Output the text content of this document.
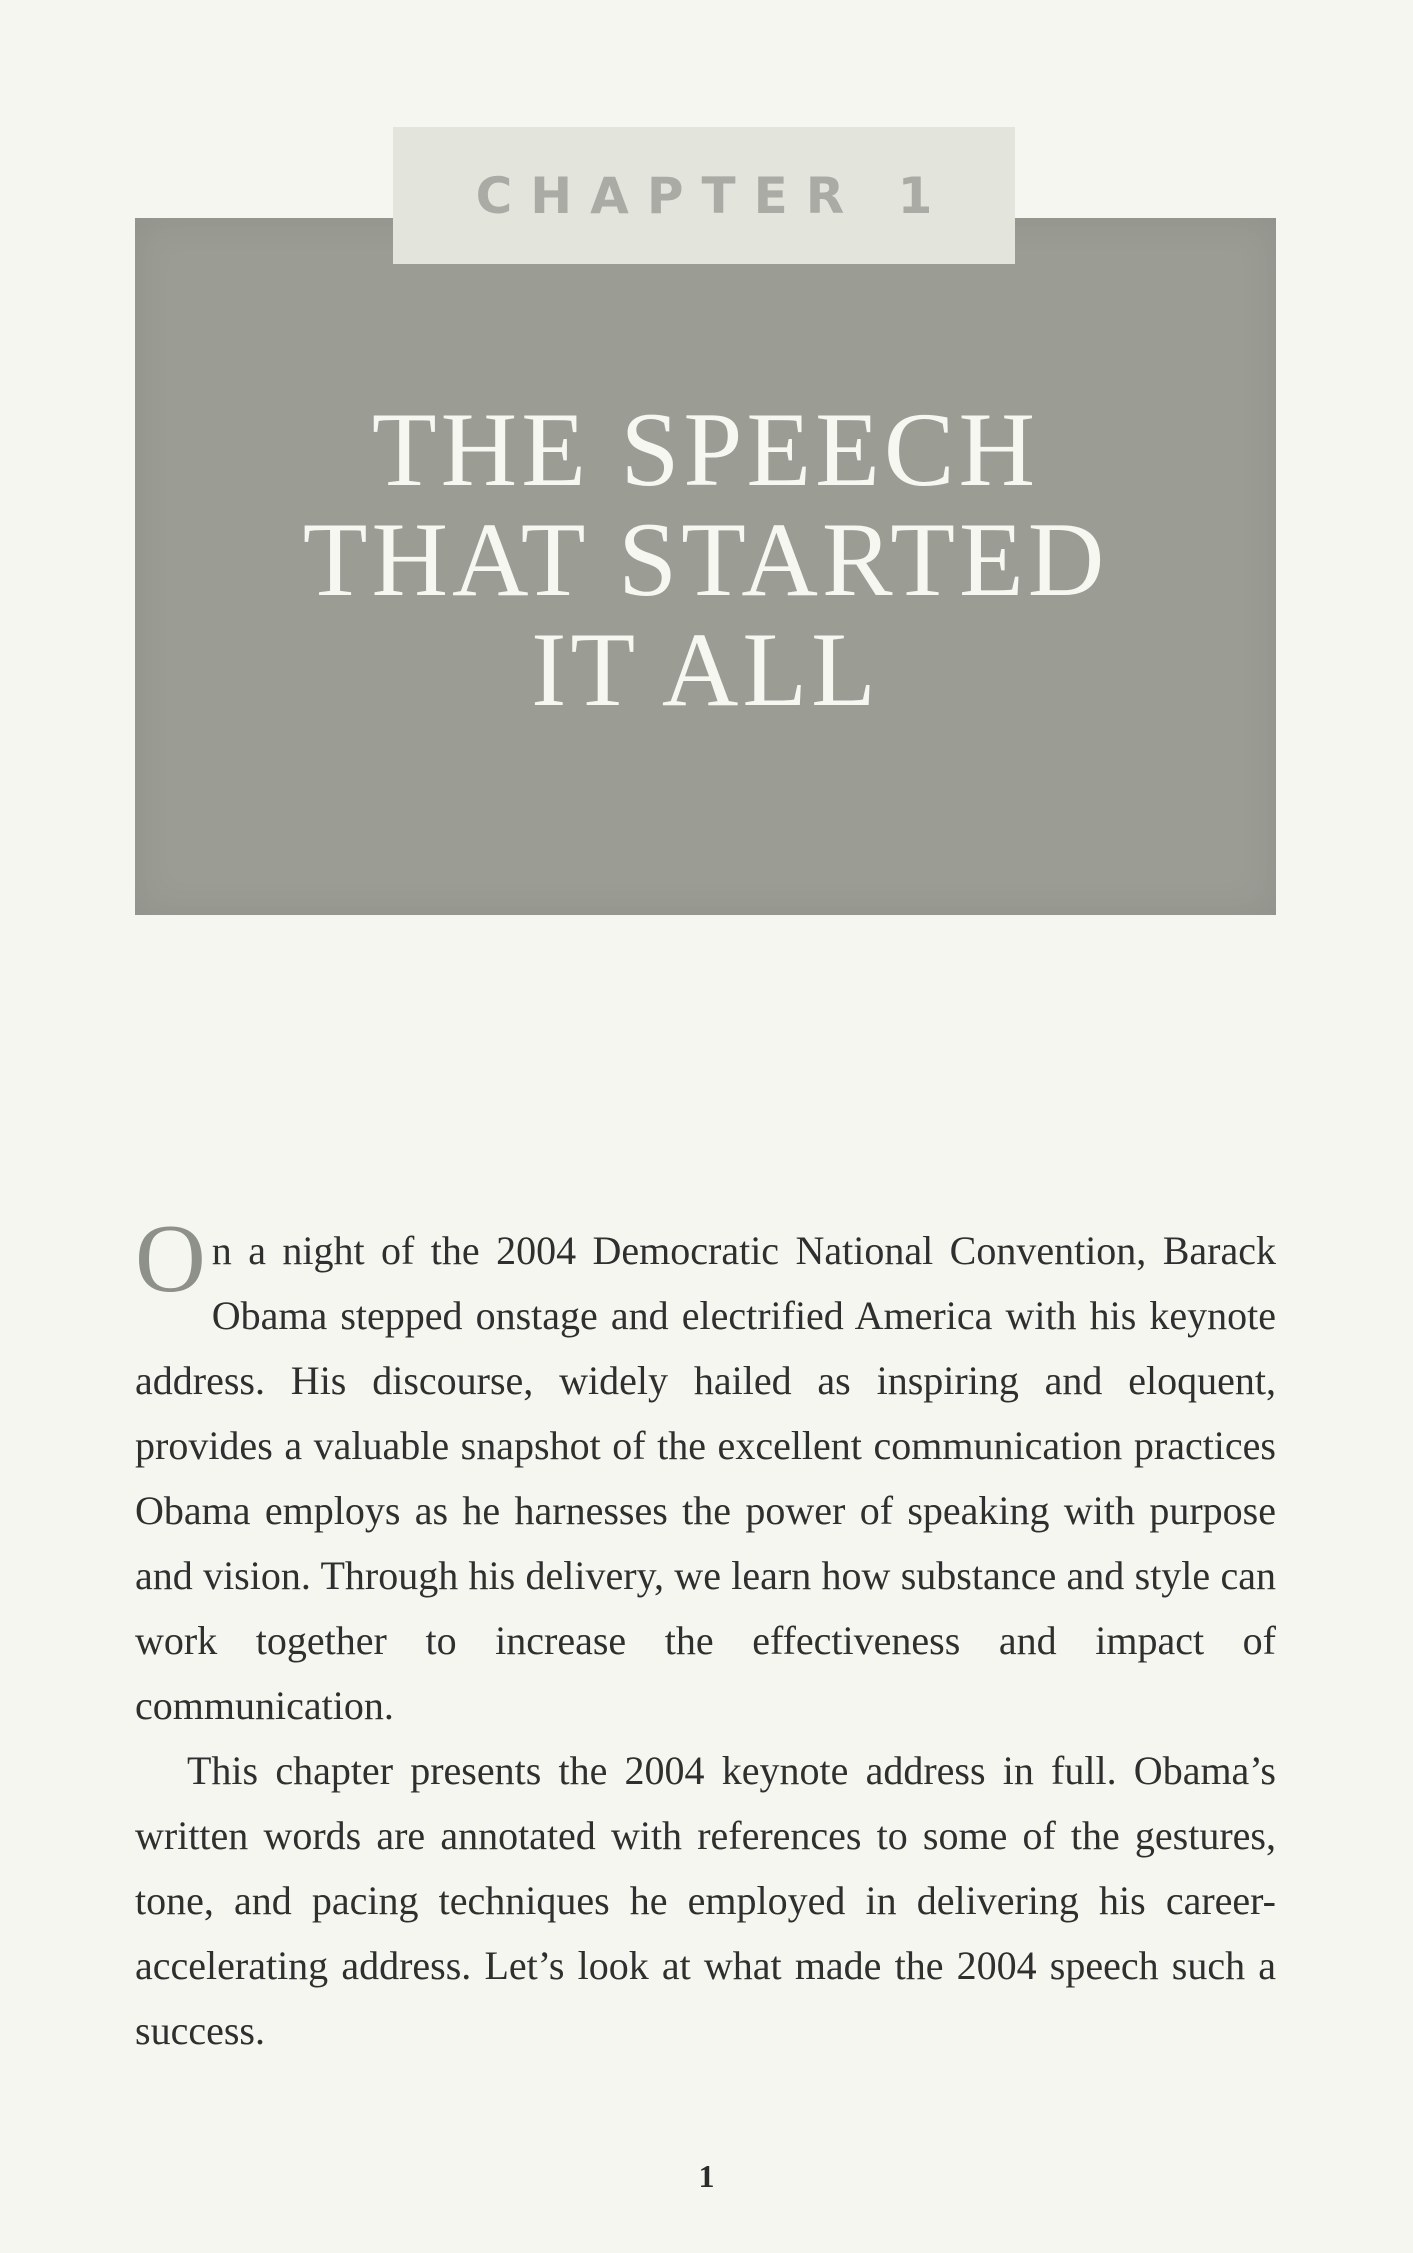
CHAPTER 1
THE SPEECH
THAT STARTED
IT ALL

On a night of the 2004 Democratic National Convention, Barack Obama stepped onstage and electrified America with his keynote address. His discourse, widely hailed as inspiring and eloquent, provides a valuable snapshot of the excellent communication practices Obama employs as he harnesses the power of speaking with purpose and vision. Through his delivery, we learn how substance and style can work together to increase the effectiveness and impact of communication.

This chapter presents the 2004 keynote address in full. Obama’s written words are annotated with references to some of the gestures, tone, and pacing techniques he employed in delivering his career-accelerating address. Let’s look at what made the 2004 speech such a success.

1
